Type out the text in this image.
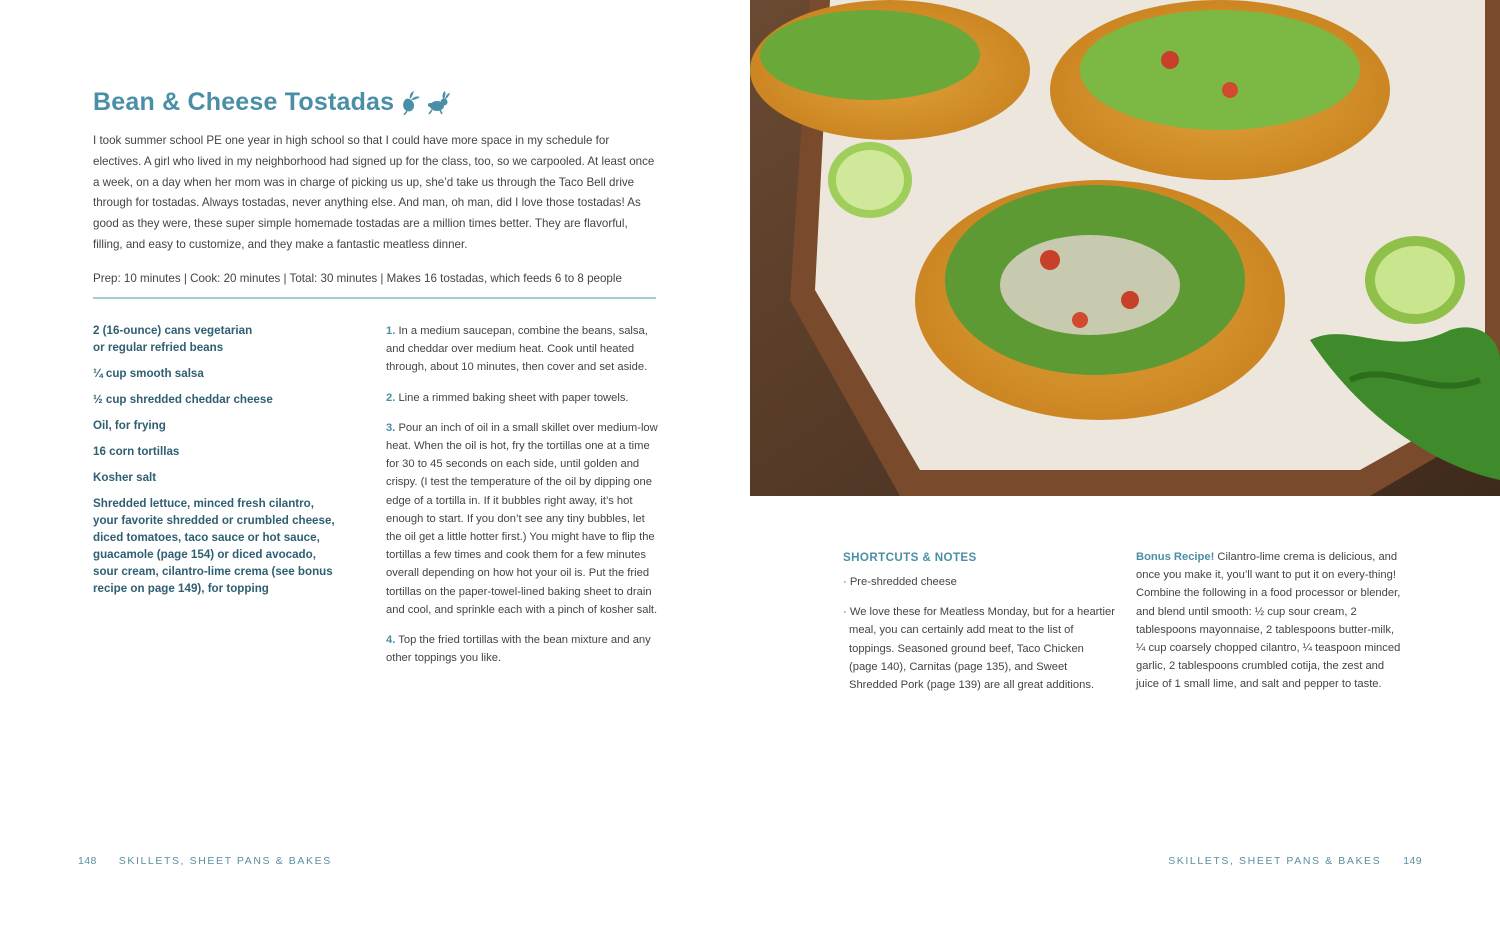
Bean & Cheese Tostadas

I took summer school PE one year in high school so that I could have more space in my schedule for electives. A girl who lived in my neighborhood had signed up for the class, too, so we carpooled. At least once a week, on a day when her mom was in charge of picking us up, she’d take us through the Taco Bell drive through for tostadas. Always tostadas, never anything else. And man, oh man, did I love those tostadas! As good as they were, these super simple homemade tostadas are a million times better. They are flavorful, filling, and easy to customize, and they make a fantastic meatless dinner.

Prep: 10 minutes | Cook: 20 minutes | Total: 30 minutes | Makes 16 tostadas, which feeds 6 to 8 people
2 (16-ounce) cans vegetarian or regular refried beans
¼ cup smooth salsa
½ cup shredded cheddar cheese
Oil, for frying
16 corn tortillas
Kosher salt
Shredded lettuce, minced fresh cilantro, your favorite shredded or crumbled cheese, diced tomatoes, taco sauce or hot sauce, guacamole (page 154) or diced avocado, sour cream, cilantro-lime crema (see bonus recipe on page 149), for topping
1. In a medium saucepan, combine the beans, salsa, and cheddar over medium heat. Cook until heated through, about 10 minutes, then cover and set aside.
2. Line a rimmed baking sheet with paper towels.
3. Pour an inch of oil in a small skillet over medium-low heat. When the oil is hot, fry the tortillas one at a time for 30 to 45 seconds on each side, until golden and crispy. (I test the temperature of the oil by dipping one edge of a tortilla in. If it bubbles right away, it’s hot enough to start. If you don’t see any tiny bubbles, let the oil get a little hotter first.) You might have to flip the tortillas a few times and cook them for a few minutes overall depending on how hot your oil is. Put the fried tortillas on the paper-towel-lined baking sheet to drain and cool, and sprinkle each with a pinch of kosher salt.
4. Top the fried tortillas with the bean mixture and any other toppings you like.
SHORTCUTS & NOTES
· Pre-shredded cheese
· We love these for Meatless Monday, but for a heartier meal, you can certainly add meat to the list of toppings. Seasoned ground beef, Taco Chicken (page 140), Carnitas (page 135), and Sweet Shredded Pork (page 139) are all great additions.
Bonus Recipe! Cilantro-lime crema is delicious, and once you make it, you’ll want to put it on every-thing! Combine the following in a food processor or blender, and blend until smooth: ½ cup sour cream, 2 tablespoons mayonnaise, 2 tablespoons butter-milk, ¼ cup coarsely chopped cilantro, ¼ teaspoon minced garlic, 2 tablespoons crumbled cotija, the zest and juice of 1 small lime, and salt and pepper to taste.
148 SKILLETS, SHEET PANS & BAKES	SKILLETS, SHEET PANS & BAKES 149
